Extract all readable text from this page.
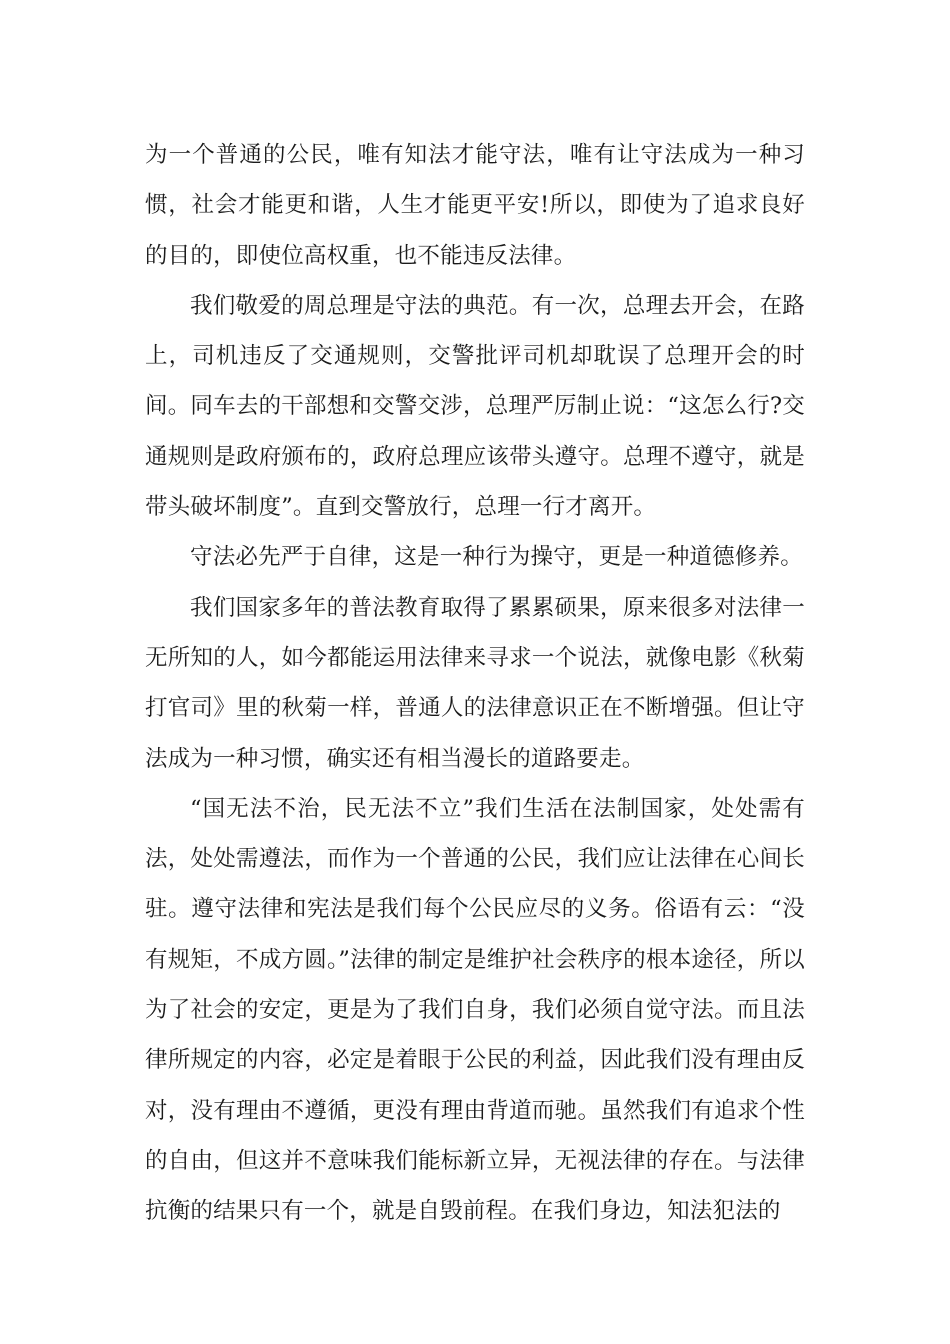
为一个普通的公民，唯有知法才能守法，唯有让守法成为一种习惯，社会才能更和谐，人生才能更平安!所以，即使为了追求良好的目的，即使位高权重，也不能违反法律。

我们敬爱的周总理是守法的典范。有一次，总理去开会，在路上，司机违反了交通规则，交警批评司机却耽误了总理开会的时间。同车去的干部想和交警交涉，总理严厉制止说：“这怎么行?交通规则是政府颁布的，政府总理应该带头遵守。总理不遵守，就是带头破坏制度”。直到交警放行，总理一行才离开。

守法必先严于自律，这是一种行为操守，更是一种道德修养。

我们国家多年的普法教育取得了累累硕果，原来很多对法律一无所知的人，如今都能运用法律来寻求一个说法，就像电影《秋菊打官司》里的秋菊一样，普通人的法律意识正在不断增强。但让守法成为一种习惯，确实还有相当漫长的道路要走。

“国无法不治，民无法不立”我们生活在法制国家，处处需有法，处处需遵法，而作为一个普通的公民，我们应让法律在心间长驻。遵守法律和宪法是我们每个公民应尽的义务。俗语有云：“没有规矩，不成方圆。”法律的制定是维护社会秩序的根本途径，所以为了社会的安定，更是为了我们自身，我们必须自觉守法。而且法律所规定的内容，必定是着眼于公民的利益，因此我们没有理由反对，没有理由不遵循，更没有理由背道而驰。虽然我们有追求个性的自由，但这并不意味我们能标新立异，无视法律的存在。与法律抗衡的结果只有一个，就是自毁前程。在我们身边，知法犯法的
